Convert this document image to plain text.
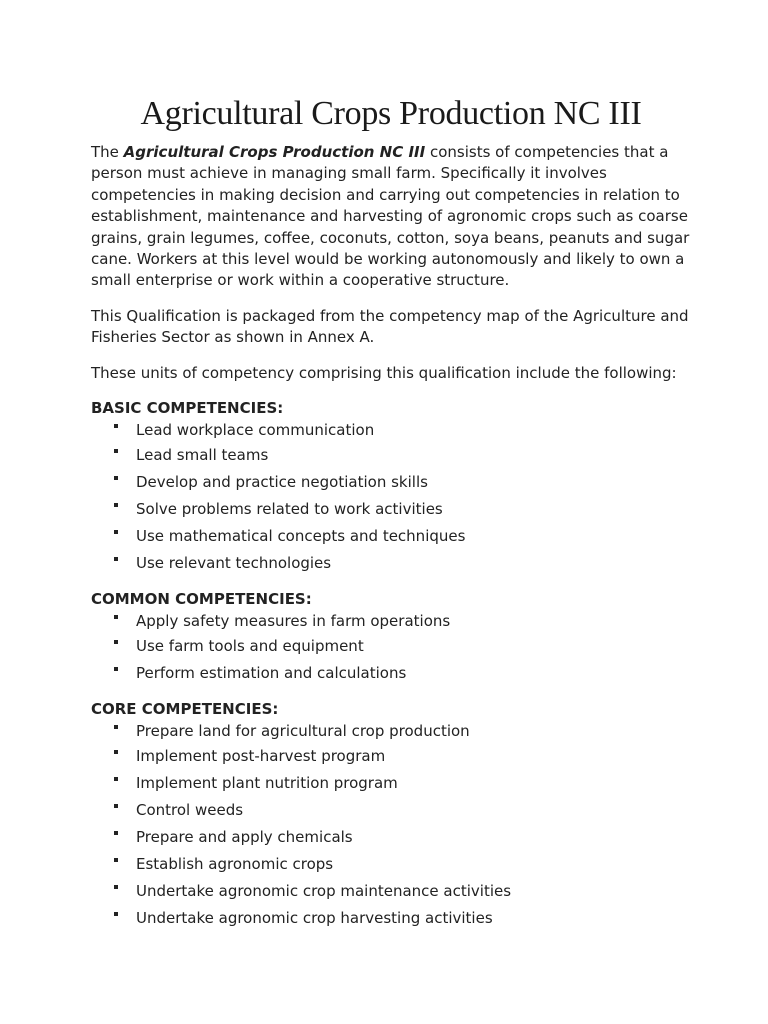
Agricultural Crops Production NC III

The Agricultural Crops Production NC III consists of competencies that a person must achieve in managing small farm. Specifically it involves competencies in making decision and carrying out competencies in relation to establishment, maintenance and harvesting of agronomic crops such as coarse grains, grain legumes, coffee, coconuts, cotton, soya beans, peanuts and sugar cane. Workers at this level would be working autonomously and likely to own a small enterprise or work within a cooperative structure.

This Qualification is packaged from the competency map of the Agriculture and Fisheries Sector as shown in Annex A.

These units of competency comprising this qualification include the following:

BASIC COMPETENCIES:

Lead workplace communication
Lead small teams
Develop and practice negotiation skills
Solve problems related to work activities
Use mathematical concepts and techniques
Use relevant technologies

COMMON COMPETENCIES:

Apply safety measures in farm operations
Use farm tools and equipment
Perform estimation and calculations

CORE COMPETENCIES:

Prepare land for agricultural crop production
Implement post-harvest program
Implement plant nutrition program
Control weeds
Prepare and apply chemicals
Establish agronomic crops
Undertake agronomic crop maintenance activities
Undertake agronomic crop harvesting activities
